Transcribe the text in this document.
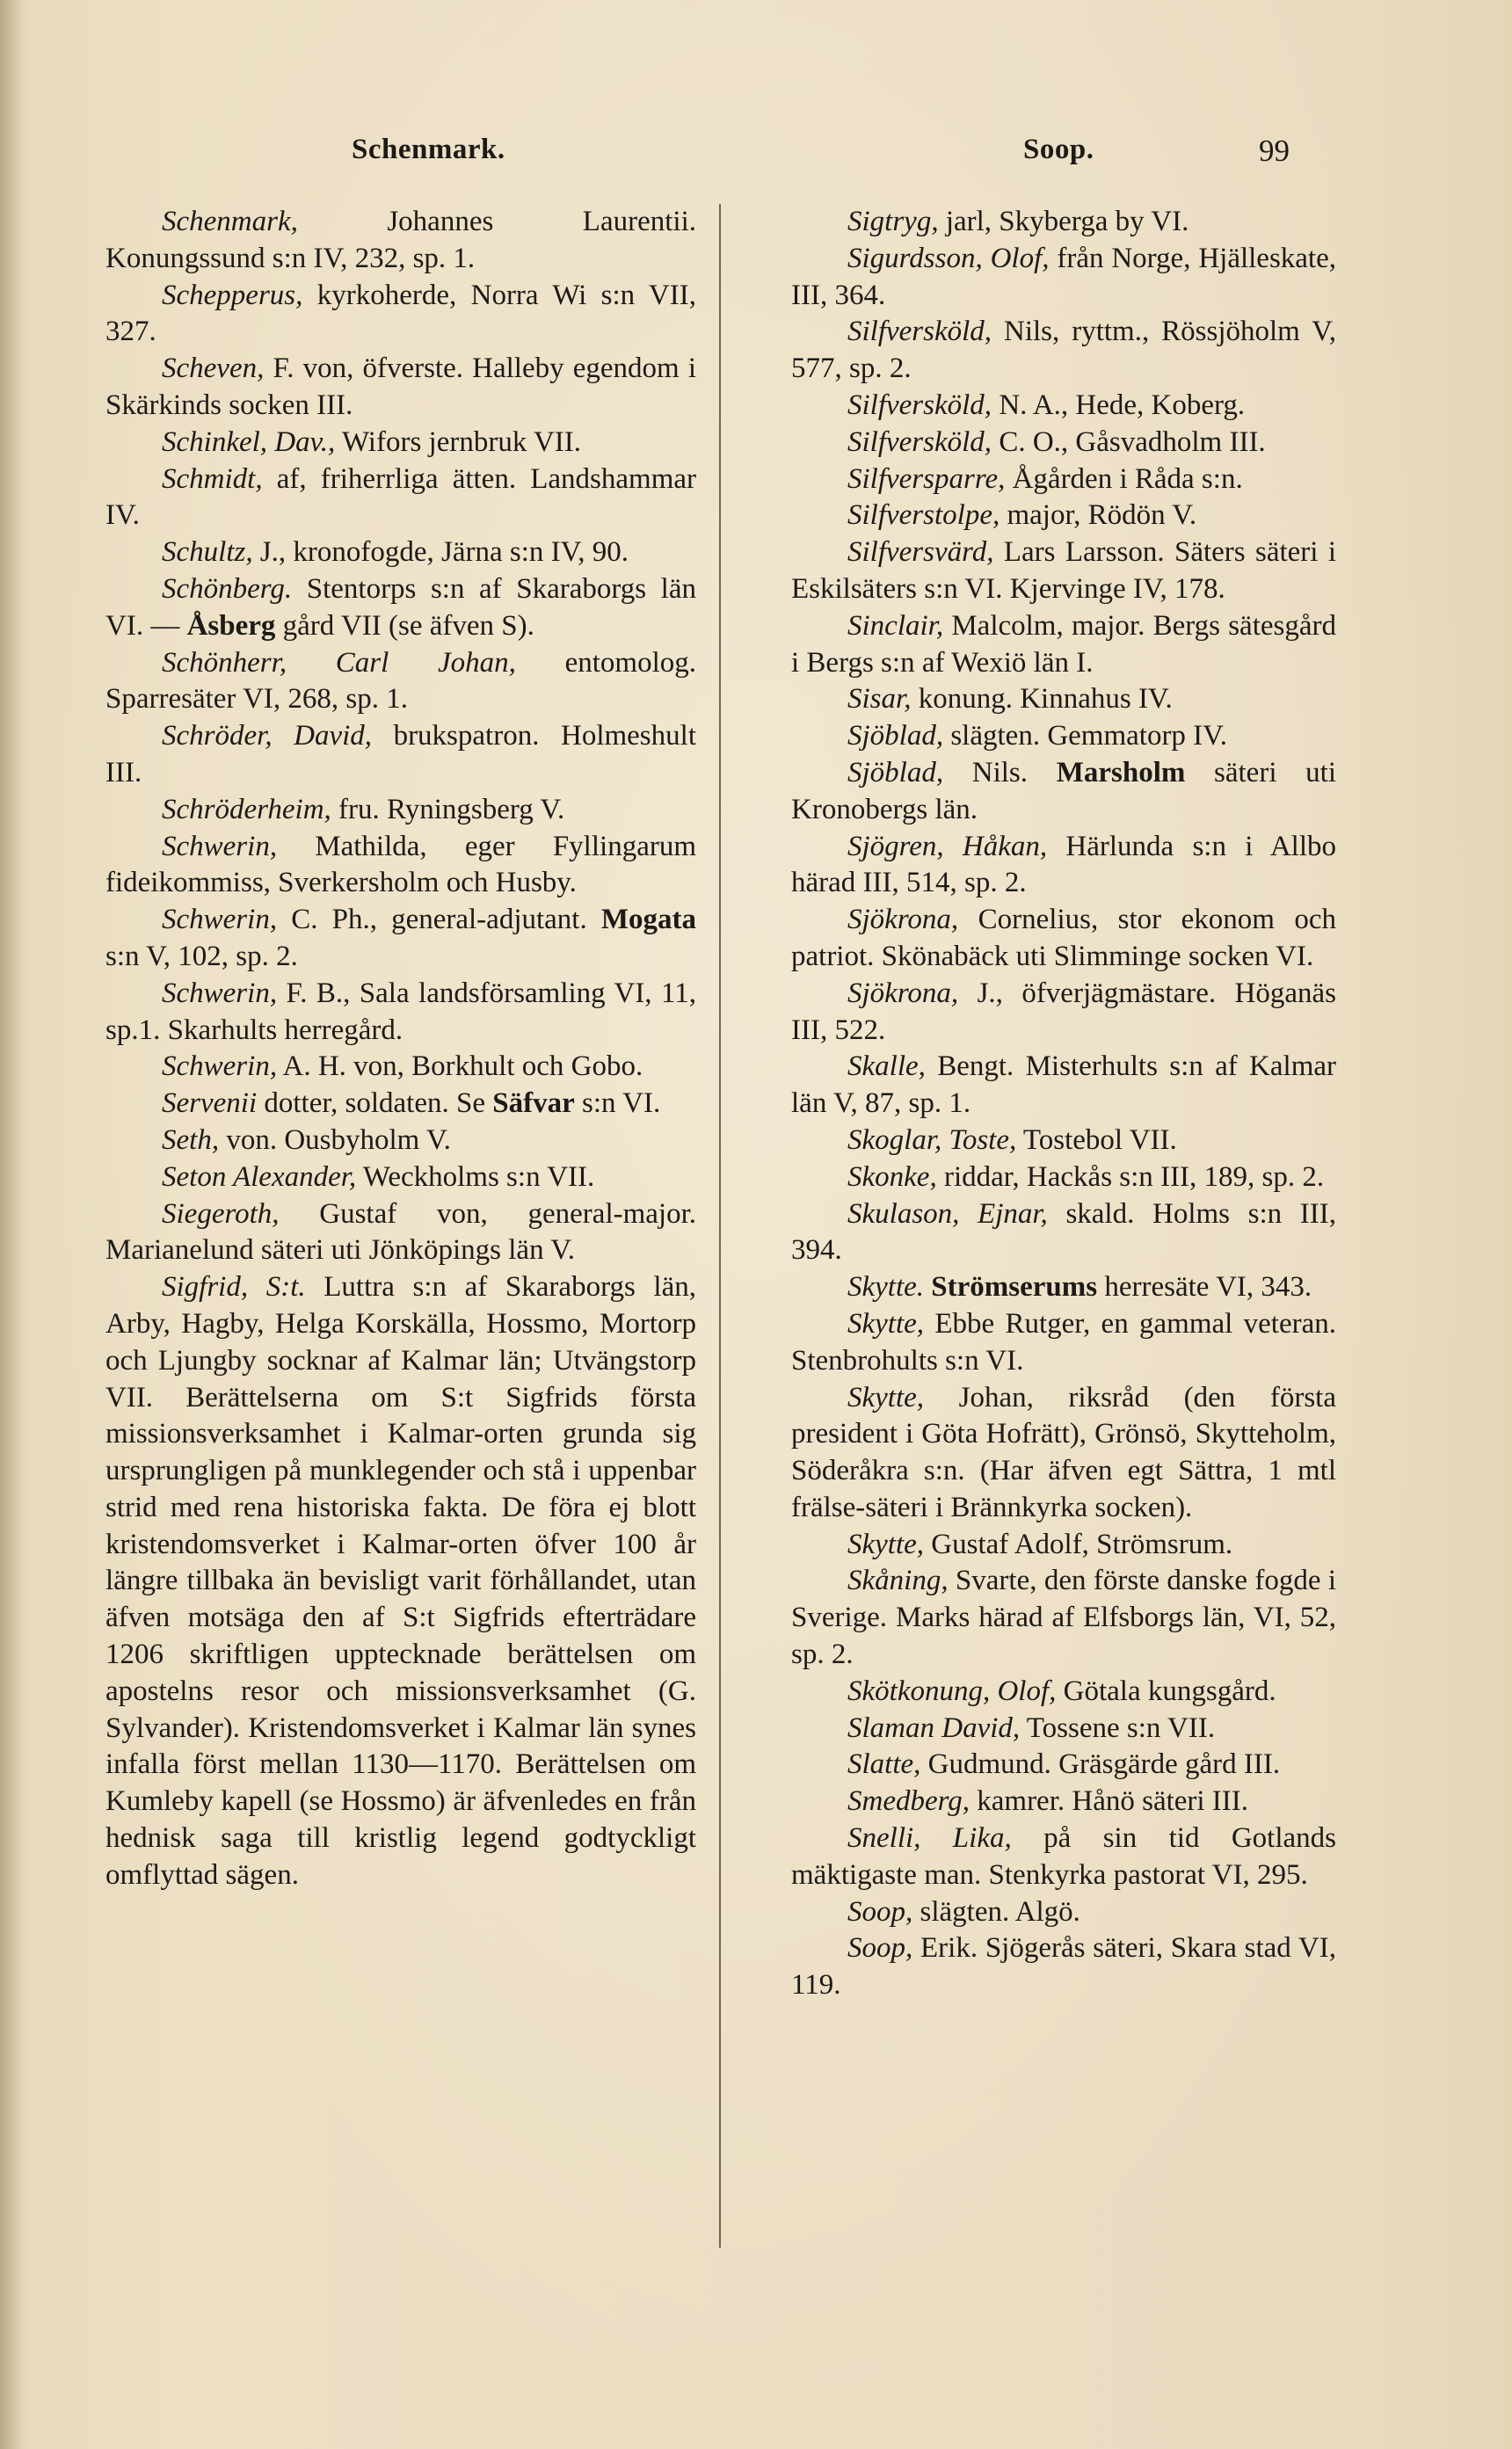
Schenmark.	Soop.	99

Schenmark, Johannes Laurentii. Konungssund s:n IV, 232, sp. 1.

Schepperus, kyrkoherde, Norra Wi s:n VII, 327.

Scheven, F. von, öfverste. Halleby egendom i Skärkinds socken III.

Schinkel, Dav., Wifors jernbruk VII.

Schmidt, af, friherrliga ätten. Landshammar IV.

Schultz, J., kronofogde, Järna s:n IV, 90.

Schönberg. Stentorps s:n af Skaraborgs län VI. — Åsberg gård VII (se äfven S).

Schönherr, Carl Johan, entomolog. Sparresäter VI, 268, sp. 1.

Schröder, David, brukspatron. Holmeshult III.

Schröderheim, fru. Ryningsberg V.

Schwerin, Mathilda, eger Fyllingarum fideikommiss, Sverkersholm och Husby.

Schwerin, C. Ph., general-adjutant. Mogata s:n V, 102, sp. 2.

Schwerin, F. B., Sala landsförsamling VI, 11, sp.1. Skarhults herregård.

Schwerin, A. H. von, Borkhult och Gobo.

Servenii dotter, soldaten. Se Säfvar s:n VI.

Seth, von. Ousbyholm V.

Seton Alexander, Weckholms s:n VII.

Siegeroth, Gustaf von, general-major. Marianelund säteri uti Jönköpings län V.

Sigfrid, S:t. Luttra s:n af Skaraborgs län, Arby, Hagby, Helga Korskälla, Hossmo, Mortorp och Ljungby socknar af Kalmar län; Utvängstorp VII. Berättelserna om S:t Sigfrids första missionsverksamhet i Kalmar-orten grunda sig ursprungligen på munklegender och stå i uppenbar strid med rena historiska fakta. De föra ej blott kristendomsverket i Kalmar-orten öfver 100 år längre tillbaka än bevisligt varit förhållandet, utan äfven motsäga den af S:t Sigfrids efterträdare 1206 skriftligen upptecknade berättelsen om apostelns resor och missionsverksamhet (G. Sylvander). Kristendomsverket i Kalmar län synes infalla först mellan 1130—1170. Berättelsen om Kumleby kapell (se Hossmo) är äfvenledes en från hednisk saga till kristlig legend godtyckligt omflyttad sägen.

Sigtryg, jarl, Skyberga by VI.

Sigurdsson, Olof, från Norge, Hjälleskate, III, 364.

Silfversköld, Nils, ryttm., Rössjöholm V, 577, sp. 2.

Silfversköld, N. A., Hede, Koberg.

Silfversköld, C. O., Gåsvadholm III.

Silfversparre, Ågården i Råda s:n.

Silfverstolpe, major, Rödön V.

Silfversvärd, Lars Larsson. Säters säteri i Eskilsäters s:n VI. Kjervinge IV, 178.

Sinclair, Malcolm, major. Bergs sätesgård i Bergs s:n af Wexiö län I.

Sisar, konung. Kinnahus IV.

Sjöblad, slägten. Gemmatorp IV.

Sjöblad, Nils. Marsholm säteri uti Kronobergs län.

Sjögren, Håkan, Härlunda s:n i Allbo härad III, 514, sp. 2.

Sjökrona, Cornelius, stor ekonom och patriot. Skönabäck uti Slimminge socken VI.

Sjökrona, J., öfverjägmästare. Höganäs III, 522.

Skalle, Bengt. Misterhults s:n af Kalmar län V, 87, sp. 1.

Skoglar, Toste, Tostebol VII.

Skonke, riddar, Hackås s:n III, 189, sp. 2.

Skulason, Ejnar, skald. Holms s:n III, 394.

Skytte. Strömserums herresäte VI, 343.

Skytte, Ebbe Rutger, en gammal veteran. Stenbrohults s:n VI.

Skytte, Johan, riksråd (den första president i Göta Hofrätt), Grönsö, Skytteholm, Söderåkra s:n. (Har äfven egt Sättra, 1 mtl frälse-säteri i Brännkyrka socken).

Skytte, Gustaf Adolf, Strömsrum.

Skåning, Svarte, den förste danske fogde i Sverige. Marks härad af Elfsborgs län, VI, 52, sp. 2.

Skötkonung, Olof, Götala kungsgård.

Slaman David, Tossene s:n VII.

Slatte, Gudmund. Gräsgärde gård III.

Smedberg, kamrer. Hånö säteri III.

Snelli, Lika, på sin tid Gotlands mäktigaste man. Stenkyrka pastorat VI, 295.

Soop, slägten. Algö.

Soop, Erik. Sjögerås säteri, Skara stad VI, 119.
